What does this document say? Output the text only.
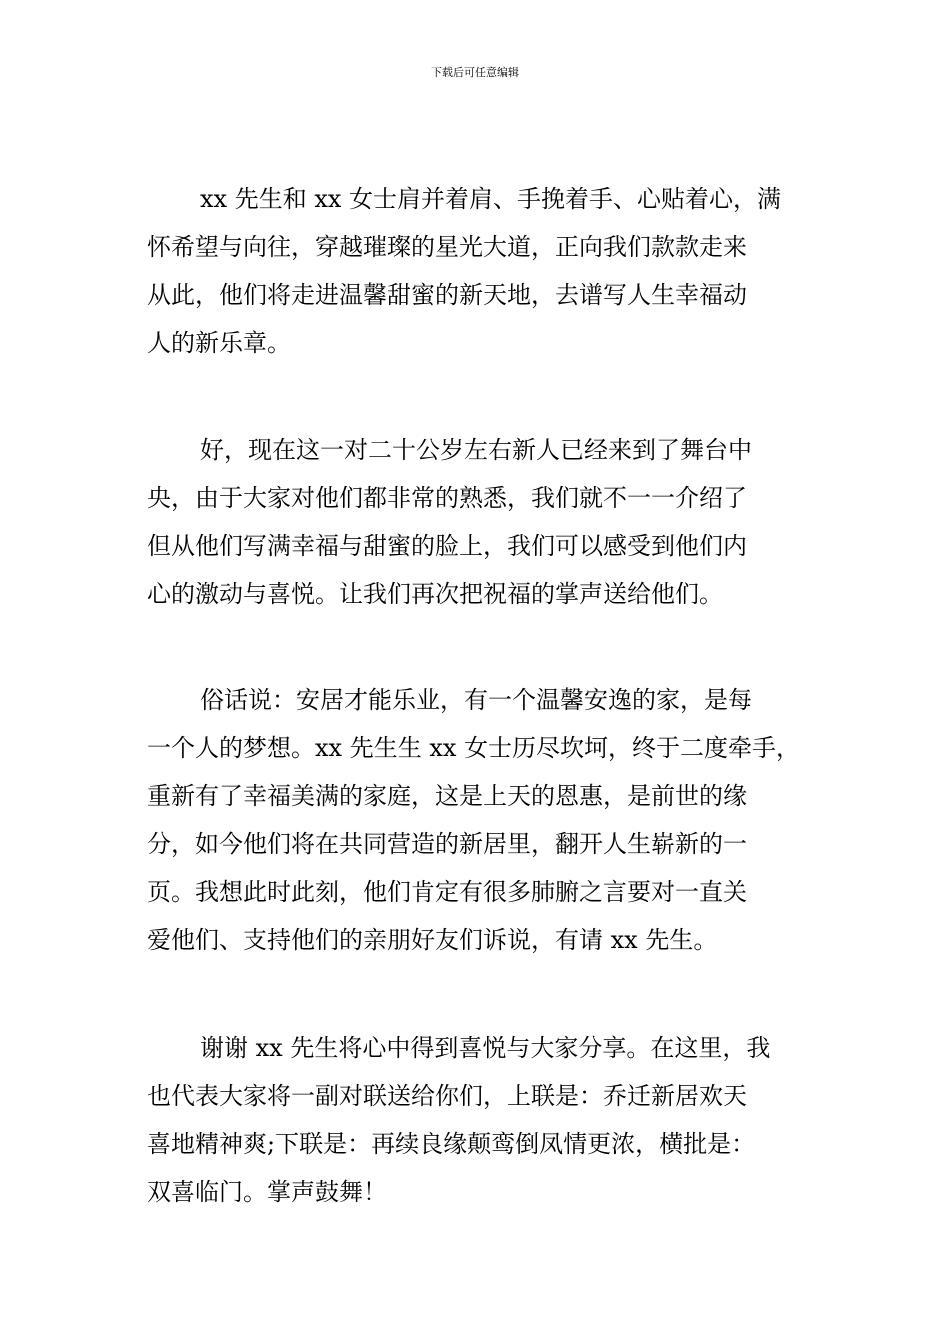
下载后可任意编辑
xx 先生和 xx 女士肩并着肩、手挽着手、心贴着心，满
怀希望与向往，穿越璀璨的星光大道，正向我们款款走来
从此，他们将走进温馨甜蜜的新天地，去谱写人生幸福动
人的新乐章。
好，现在这一对二十公岁左右新人已经来到了舞台中
央，由于大家对他们都非常的熟悉，我们就不一一介绍了
但从他们写满幸福与甜蜜的脸上，我们可以感受到他们内
心的激动与喜悦。让我们再次把祝福的掌声送给他们。
俗话说：安居才能乐业，有一个温馨安逸的家，是每
一个人的梦想。xx 先生生 xx 女士历尽坎坷，终于二度牵手，
重新有了幸福美满的家庭，这是上天的恩惠，是前世的缘
分，如今他们将在共同营造的新居里，翻开人生崭新的一
页。我想此时此刻，他们肯定有很多肺腑之言要对一直关
爱他们、支持他们的亲朋好友们诉说，有请 xx 先生。
谢谢 xx 先生将心中得到喜悦与大家分享。在这里，我
也代表大家将一副对联送给你们，上联是：乔迁新居欢天
喜地精神爽;下联是：再续良缘颠鸾倒凤情更浓，横批是：
双喜临门。掌声鼓舞！
